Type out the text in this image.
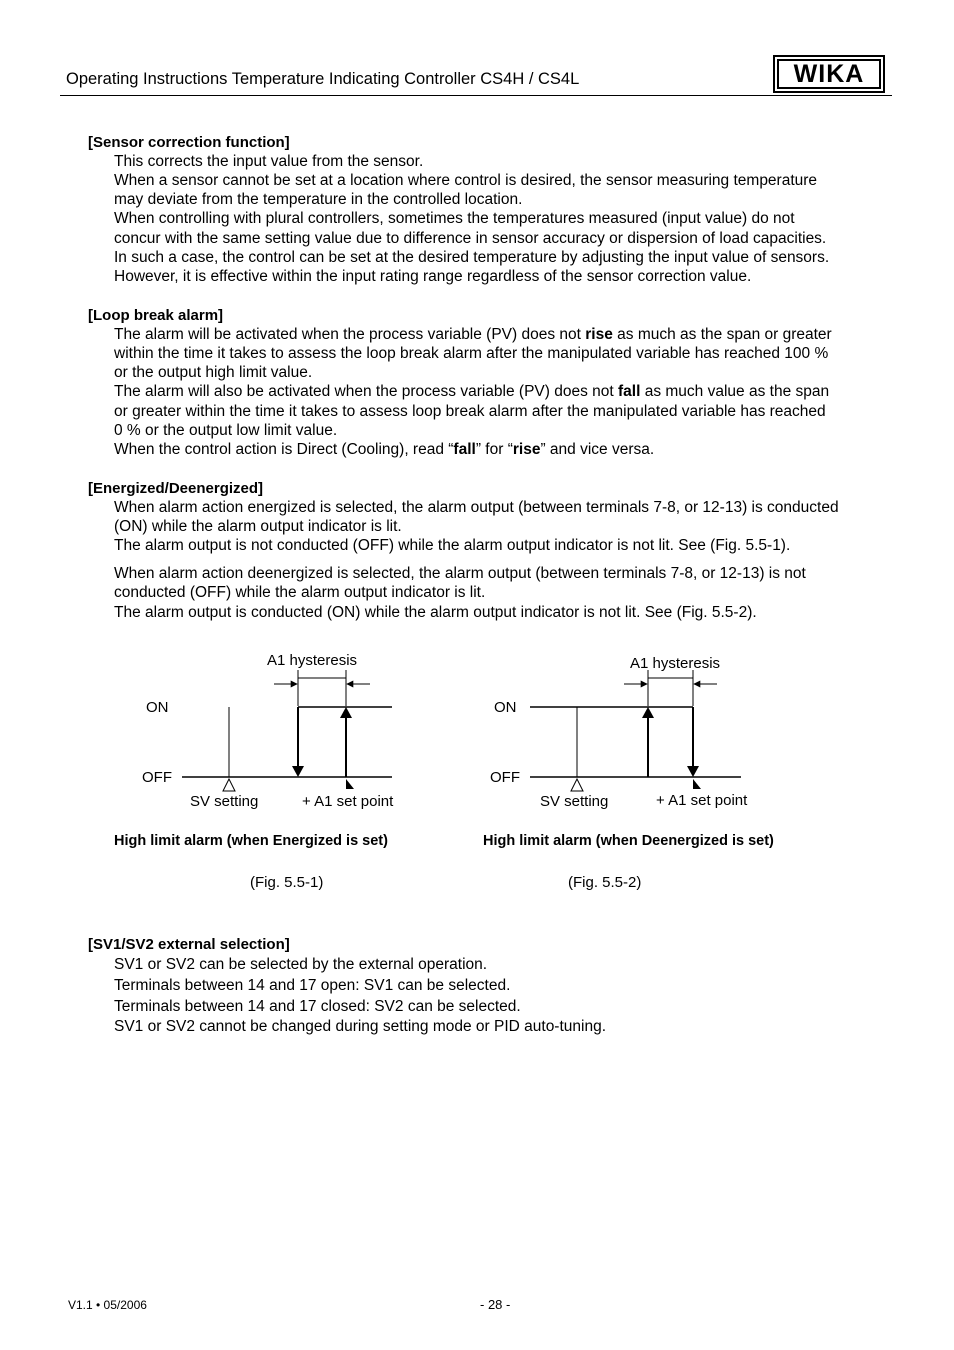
Operating Instructions Temperature Indicating Controller CS4H / CS4L	WIKA
[Sensor correction function]
This corrects the input value from the sensor.
When a sensor cannot be set at a location where control is desired, the sensor measuring temperature
may deviate from the temperature in the controlled location.
When controlling with plural controllers, sometimes the temperatures measured (input value) do not
concur with the same setting value due to difference in sensor accuracy or dispersion of load capacities.
In such a case, the control can be set at the desired temperature by adjusting the input value of sensors.
However, it is effective within the input rating range regardless of the sensor correction value.
[Loop break alarm]
The alarm will be activated when the process variable (PV) does not rise as much as the span or greater
within the time it takes to assess the loop break alarm after the manipulated variable has reached 100 %
or the output high limit value.
The alarm will also be activated when the process variable (PV) does not fall as much value as the span
or greater within the time it takes to assess loop break alarm after the manipulated variable has reached
0 % or the output low limit value.
When the control action is Direct (Cooling), read “fall” for “rise” and vice versa.
[Energized/Deenergized]
When alarm action energized is selected, the alarm output (between terminals 7-8, or 12-13) is conducted
(ON) while the alarm output indicator is lit.
The alarm output is not conducted (OFF) while the alarm output indicator is not lit. See (Fig. 5.5-1).
When alarm action deenergized is selected, the alarm output (between terminals 7-8, or 12-13) is not
conducted (OFF) while the alarm output indicator is lit.
The alarm output is conducted (ON) while the alarm output indicator is not lit. See (Fig. 5.5-2).
A1 hysteresis
ON
OFF
SV setting	+ A1 set point
A1 hysteresis
ON
OFF
SV setting	+ A1 set point
High limit alarm (when Energized is set)	High limit alarm (when Deenergized is set)
(Fig. 5.5-1)	(Fig. 5.5-2)
[SV1/SV2 external selection]
SV1 or SV2 can be selected by the external operation.
Terminals between 14 and 17 open: SV1 can be selected.
Terminals between 14 and 17 closed: SV2 can be selected.
SV1 or SV2 cannot be changed during setting mode or PID auto-tuning.
V1.1 • 05/2006	- 28 -
